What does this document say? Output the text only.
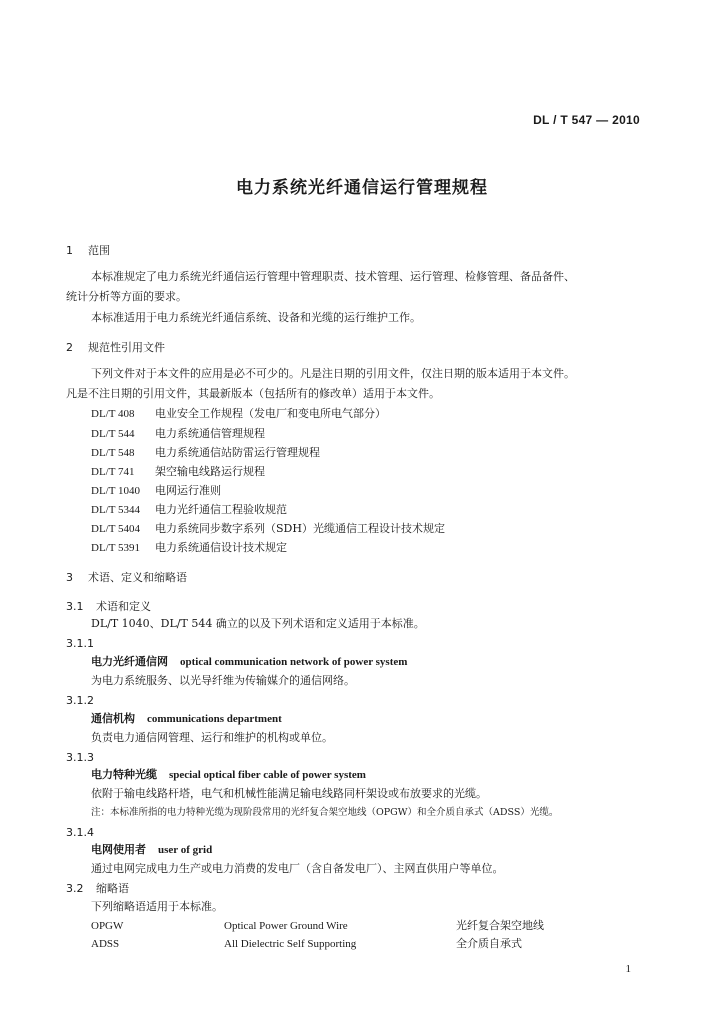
DL / T 547 — 2010
电力系统光纤通信运行管理规程
1 范围
本标准规定了电力系统光纤通信运行管理中管理职责、技术管理、运行管理、检修管理、备品备件、
统计分析等方面的要求。
本标准适用于电力系统光纤通信系统、设备和光缆的运行维护工作。
2 规范性引用文件
下列文件对于本文件的应用是必不可少的。凡是注日期的引用文件，仅注日期的版本适用于本文件。
凡是不注日期的引用文件，其最新版本（包括所有的修改单）适用于本文件。
DL/T 408 电业安全工作规程（发电厂和变电所电气部分）
DL/T 544 电力系统通信管理规程
DL/T 548 电力系统通信站防雷运行管理规程
DL/T 741 架空输电线路运行规程
DL/T 1040 电网运行准则
DL/T 5344 电力光纤通信工程验收规范
DL/T 5404 电力系统同步数字系列（SDH）光缆通信工程设计技术规定
DL/T 5391 电力系统通信设计技术规定
3 术语、定义和缩略语
3.1 术语和定义
DL/T 1040、DL/T 544 确立的以及下列术语和定义适用于本标准。
3.1.1
电力光纤通信网 optical communication network of power system
为电力系统服务、以光导纤维为传输媒介的通信网络。
3.1.2
通信机构 communications department
负责电力通信网管理、运行和维护的机构或单位。
3.1.3
电力特种光缆 special optical fiber cable of power system
依附于输电线路杆塔，电气和机械性能满足输电线路同杆架设或布放要求的光缆。
注：本标准所指的电力特种光缆为现阶段常用的光纤复合架空地线（OPGW）和全介质自承式（ADSS）光缆。
3.1.4
电网使用者 user of grid
通过电网完成电力生产或电力消费的发电厂（含自备发电厂）、主网直供用户等单位。
3.2 缩略语
下列缩略语适用于本标准。
OPGW	Optical Power Ground Wire	光纤复合架空地线
ADSS	All Dielectric Self Supporting	全介质自承式
1
